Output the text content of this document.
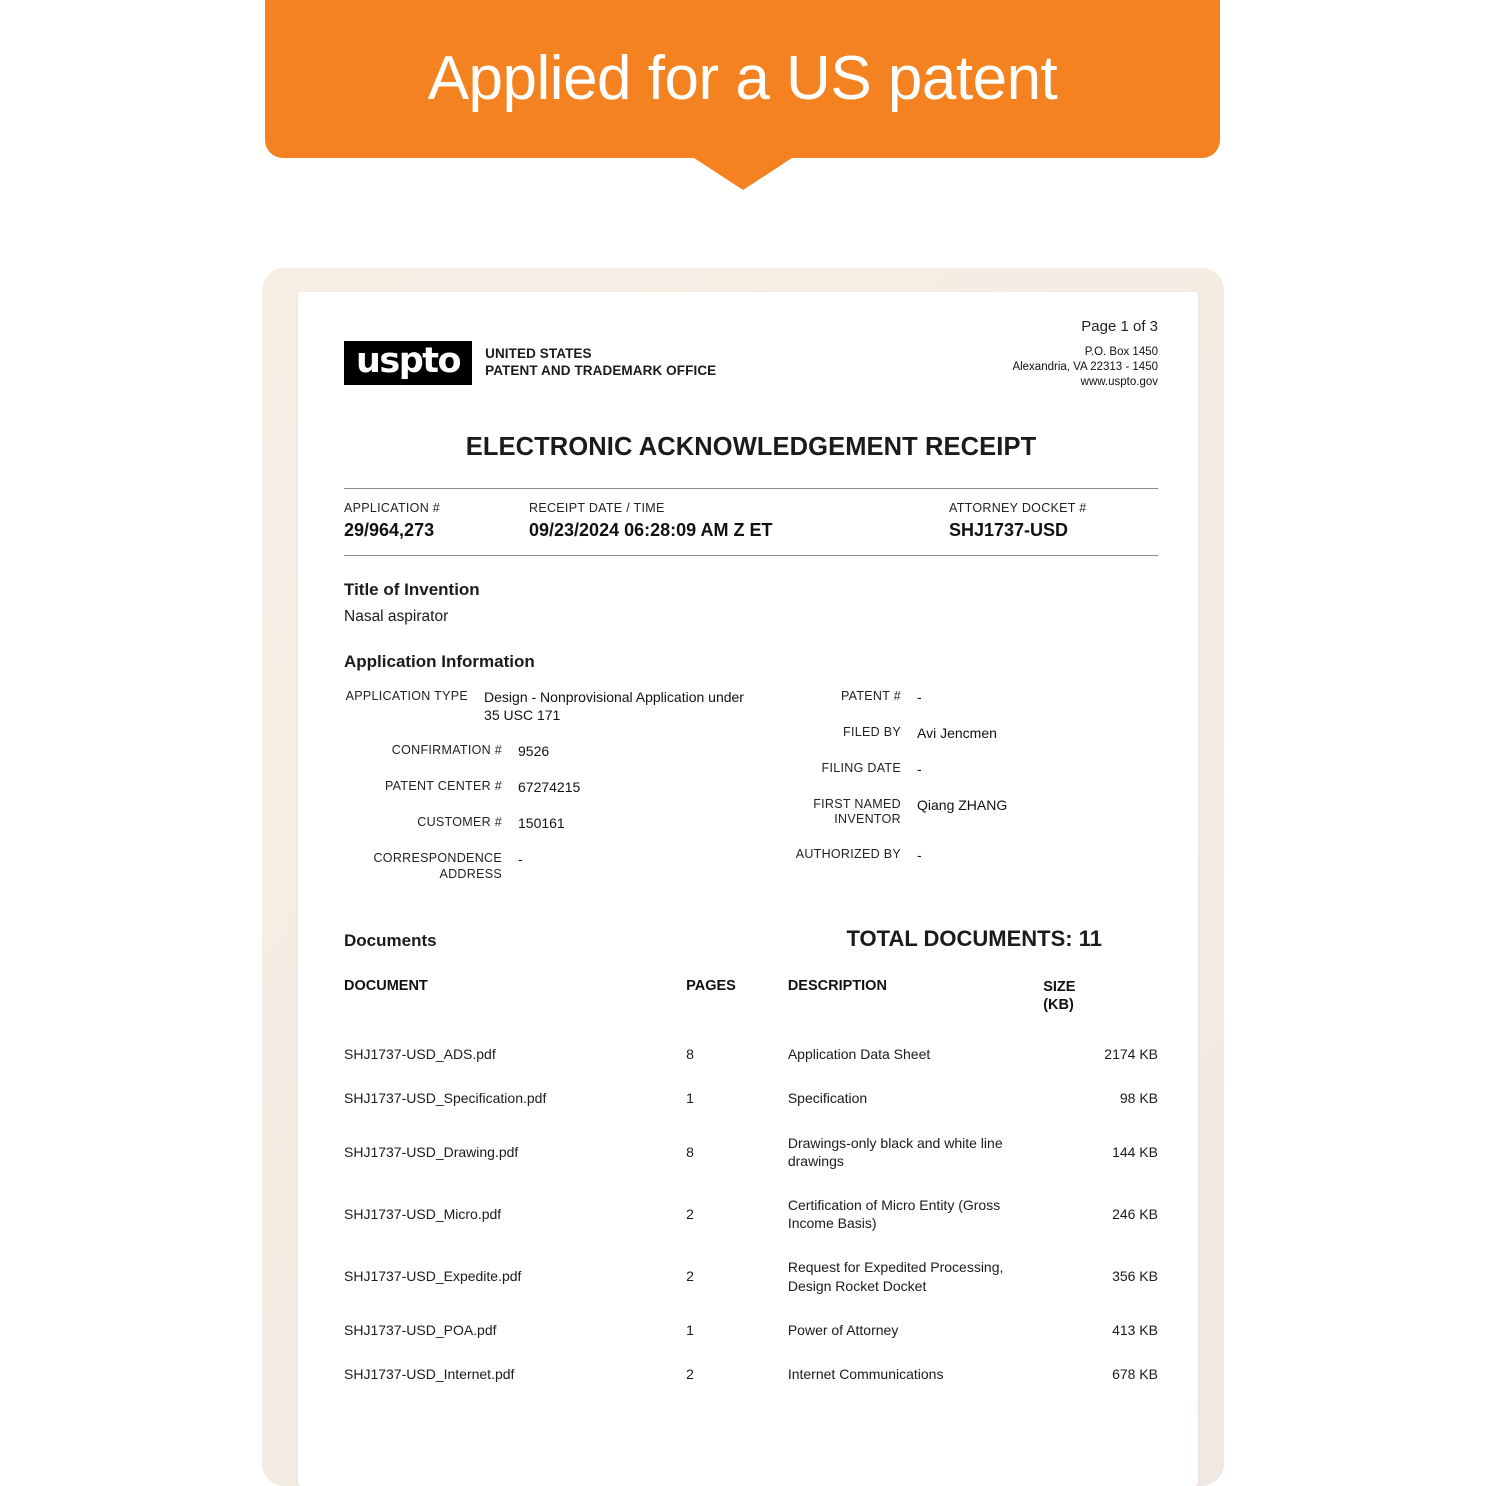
Applied for a US patent
Page 1 of 3
uspto	UNITED STATES
PATENT AND TRADEMARK OFFICE
P.O. Box 1450
Alexandria, VA 22313 - 1450
www.uspto.gov
ELECTRONIC ACKNOWLEDGEMENT RECEIPT
APPLICATION #
29/964,273
RECEIPT DATE / TIME
09/23/2024 06:28:09 AM Z ET
ATTORNEY DOCKET #
SHJ1737-USD
Title of Invention
Nasal aspirator
Application Information
APPLICATION TYPE Design - Nonprovisional Application under 35 USC 171
CONFIRMATION # 9526
PATENT CENTER # 67274215
CUSTOMER # 150161
CORRESPONDENCE ADDRESS
-
PATENT # -
FILED BY Avi Jencmen
FILING DATE -
FIRST NAMED INVENTOR
Qiang ZHANG
AUTHORIZED BY -
Documents	TOTAL DOCUMENTS: 11
DOCUMENT	PAGES	DESCRIPTION	SIZE
(KB)

SHJ1737-USD_ADS.pdf	8	Application Data Sheet	2174 KB
SHJ1737-USD_Specification.pdf	1	Specification	98 KB
SHJ1737-USD_Drawing.pdf	8	Drawings-only black and white line drawings	144 KB
SHJ1737-USD_Micro.pdf	2	Certification of Micro Entity (Gross Income Basis)	246 KB
SHJ1737-USD_Expedite.pdf	2	Request for Expedited Processing, Design Rocket Docket	356 KB
SHJ1737-USD_POA.pdf	1	Power of Attorney	413 KB
SHJ1737-USD_Internet.pdf	2	Internet Communications	678 KB
